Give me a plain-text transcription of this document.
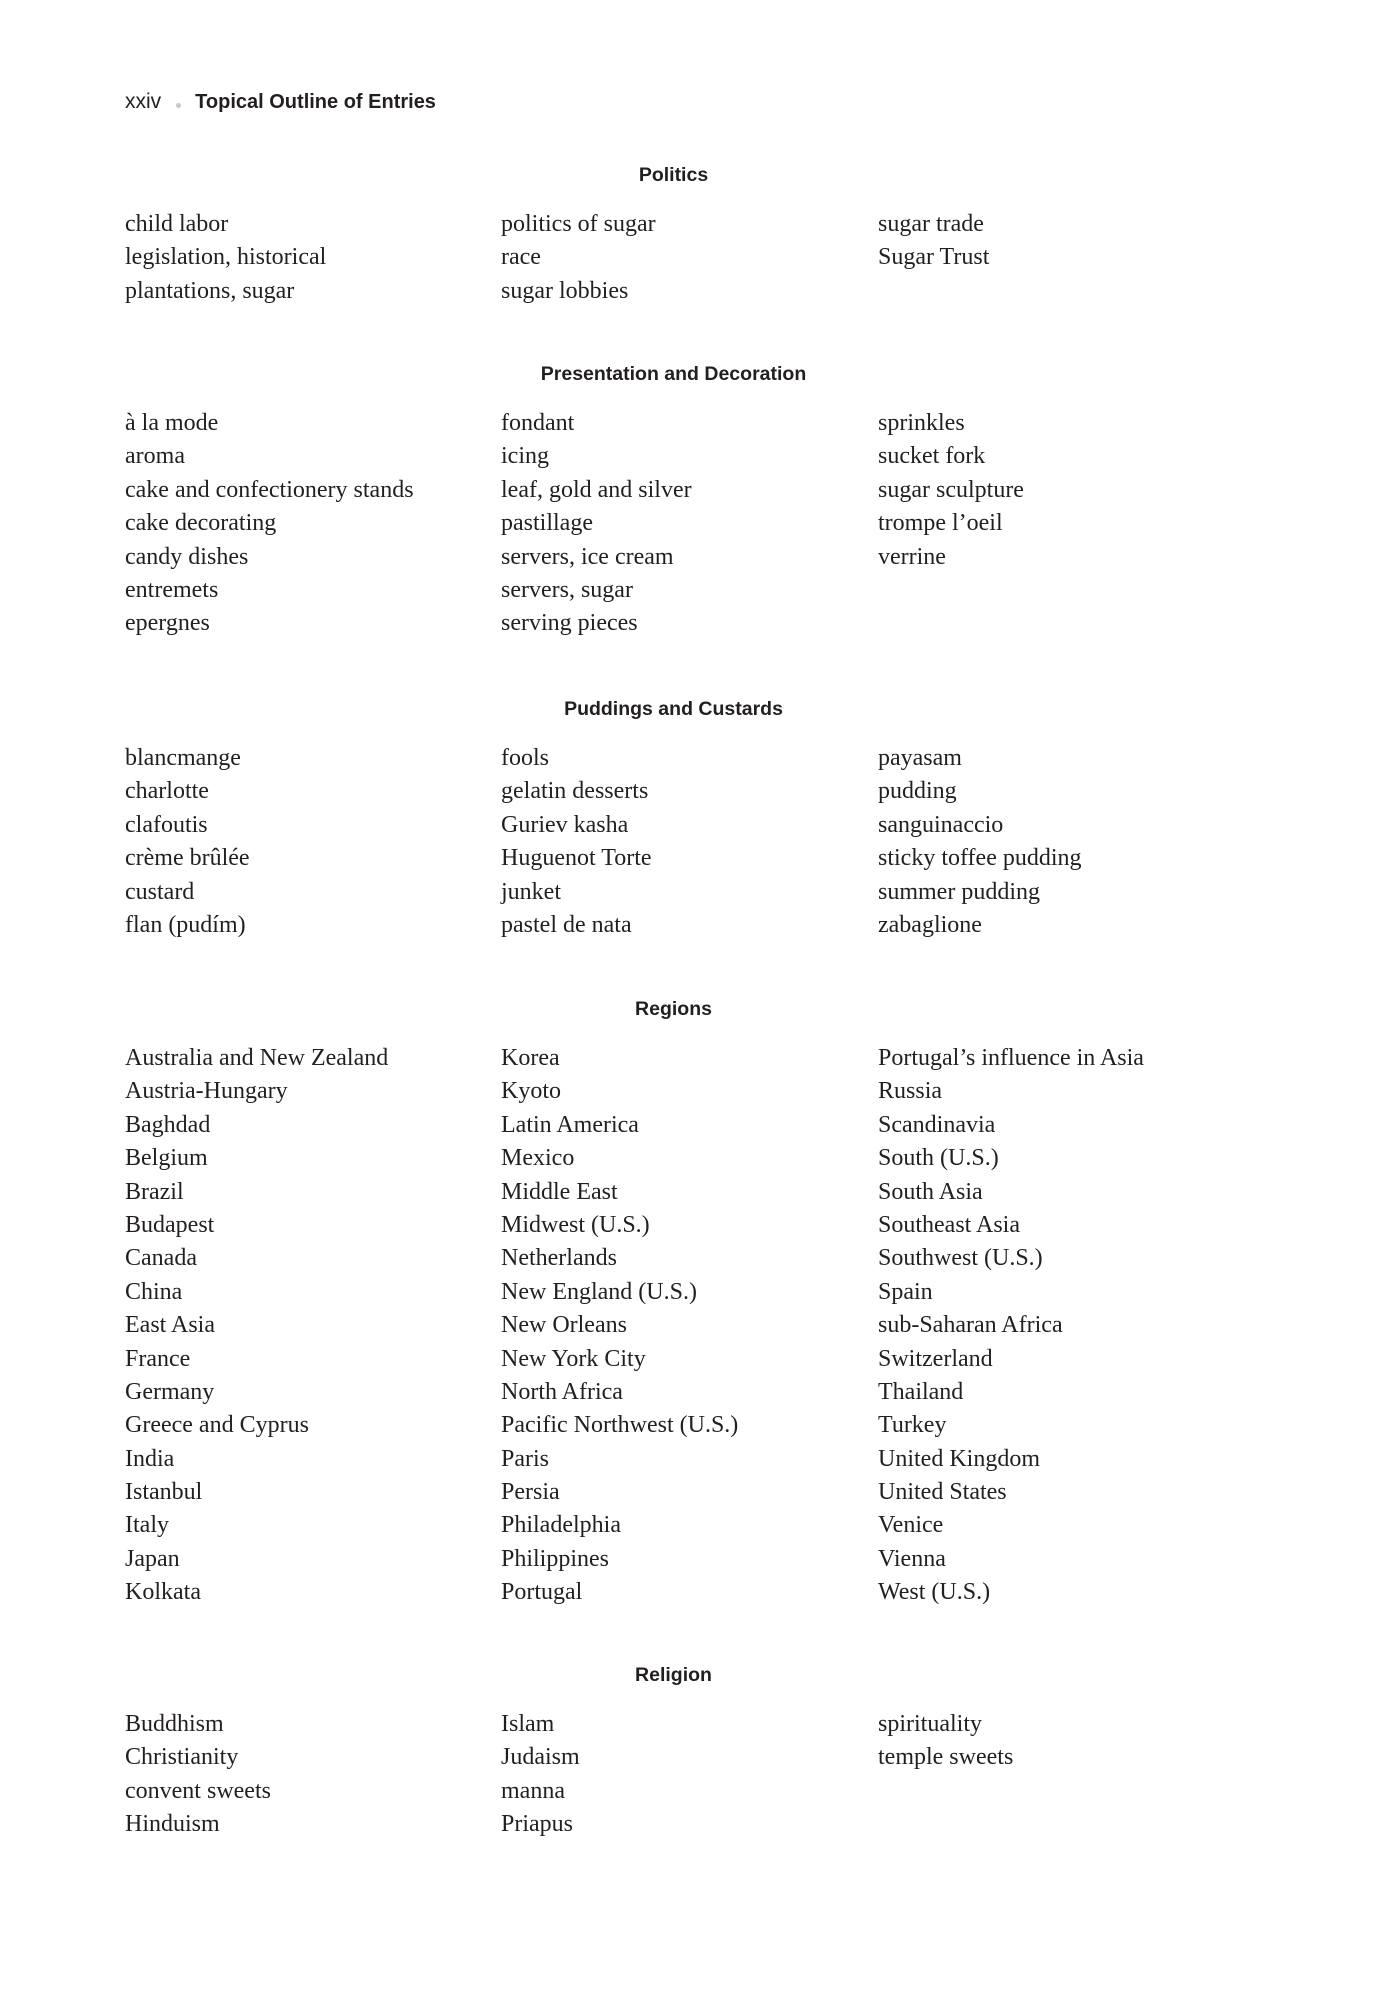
xxiv Topical Outline of Entries
Politics
child labor
legislation, historical
plantations, sugar
politics of sugar
race
sugar lobbies
sugar trade
Sugar Trust
Presentation and Decoration
à la mode
aroma
cake and confectionery stands
cake decorating
candy dishes
entremets
epergnes
fondant
icing
leaf, gold and silver
pastillage
servers, ice cream
servers, sugar
serving pieces
sprinkles
sucket fork
sugar sculpture
trompe l’oeil
verrine
Puddings and Custards
blancmange
charlotte
clafoutis
crème brûlée
custard
flan (pudím)
fools
gelatin desserts
Guriev kasha
Huguenot Torte
junket
pastel de nata
payasam
pudding
sanguinaccio
sticky toffee pudding
summer pudding
zabaglione
Regions
Australia and New Zealand
Austria-Hungary
Baghdad
Belgium
Brazil
Budapest
Canada
China
East Asia
France
Germany
Greece and Cyprus
India
Istanbul
Italy
Japan
Kolkata
Korea
Kyoto
Latin America
Mexico
Middle East
Midwest (U.S.)
Netherlands
New England (U.S.)
New Orleans
New York City
North Africa
Pacific Northwest (U.S.)
Paris
Persia
Philadelphia
Philippines
Portugal
Portugal’s influence in Asia
Russia
Scandinavia
South (U.S.)
South Asia
Southeast Asia
Southwest (U.S.)
Spain
sub-Saharan Africa
Switzerland
Thailand
Turkey
United Kingdom
United States
Venice
Vienna
West (U.S.)
Religion
Buddhism
Christianity
convent sweets
Hinduism
Islam
Judaism
manna
Priapus
spirituality
temple sweets
